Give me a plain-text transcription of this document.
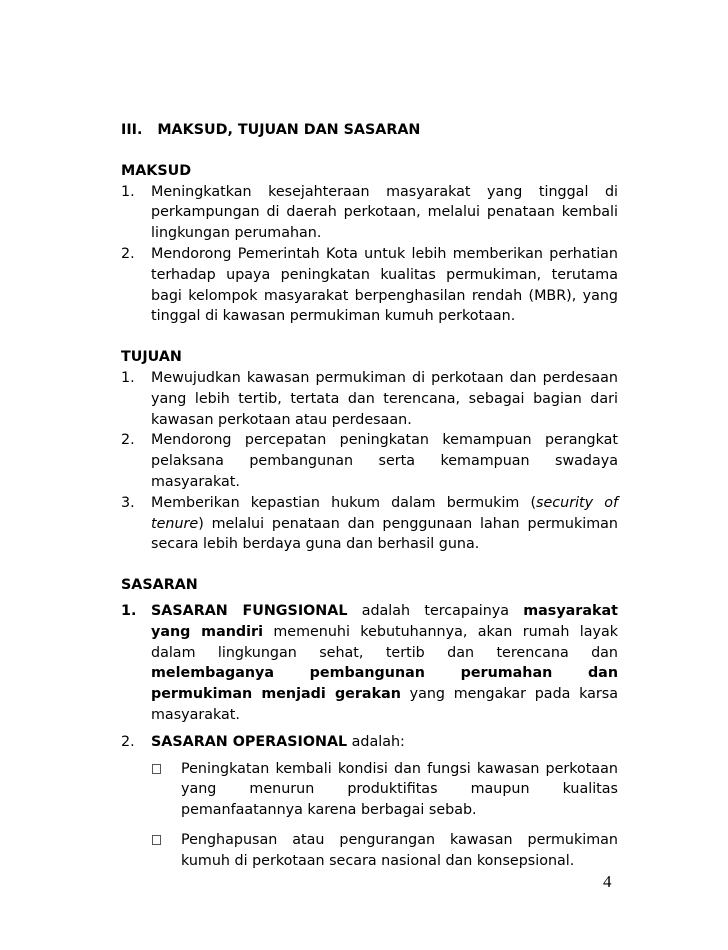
III.   MAKSUD, TUJUAN DAN SASARAN
MAKSUD
1. Meningkatkan kesejahteraan masyarakat yang tinggal di perkampungan di daerah perkotaan, melalui penataan kembali lingkungan perumahan.

2. Mendorong Pemerintah Kota untuk lebih memberikan perhatian terhadap upaya peningkatan kualitas permukiman, terutama bagi kelompok masyarakat berpenghasilan rendah (MBR), yang tinggal di kawasan permukiman kumuh perkotaan.

TUJUAN
1. Mewujudkan kawasan permukiman di perkotaan dan perdesaan yang lebih tertib, tertata dan terencana, sebagai bagian dari kawasan perkotaan atau perdesaan.

2. Mendorong percepatan peningkatan kemampuan perangkat pelaksana pembangunan serta kemampuan swadaya masyarakat.

3. Memberikan kepastian hukum dalam bermukim (security of tenure) melalui penataan dan penggunaan lahan permukiman secara lebih berdaya guna dan berhasil guna.

SASARAN
1. SASARAN FUNGSIONAL adalah tercapainya masyarakat yang mandiri memenuhi kebutuhannya, akan rumah layak dalam lingkungan sehat, tertib dan terencana dan melembaganya pembangunan perumahan dan permukiman menjadi gerakan yang mengakar pada karsa masyarakat.

2. SASARAN OPERASIONAL adalah:

Peningkatan kembali kondisi dan fungsi kawasan perkotaan yang menurun produktifitas maupun kualitas pemanfaatannya karena berbagai sebab.

Penghapusan atau pengurangan kawasan permukiman kumuh di perkotaan secara nasional dan konsepsional.

4
